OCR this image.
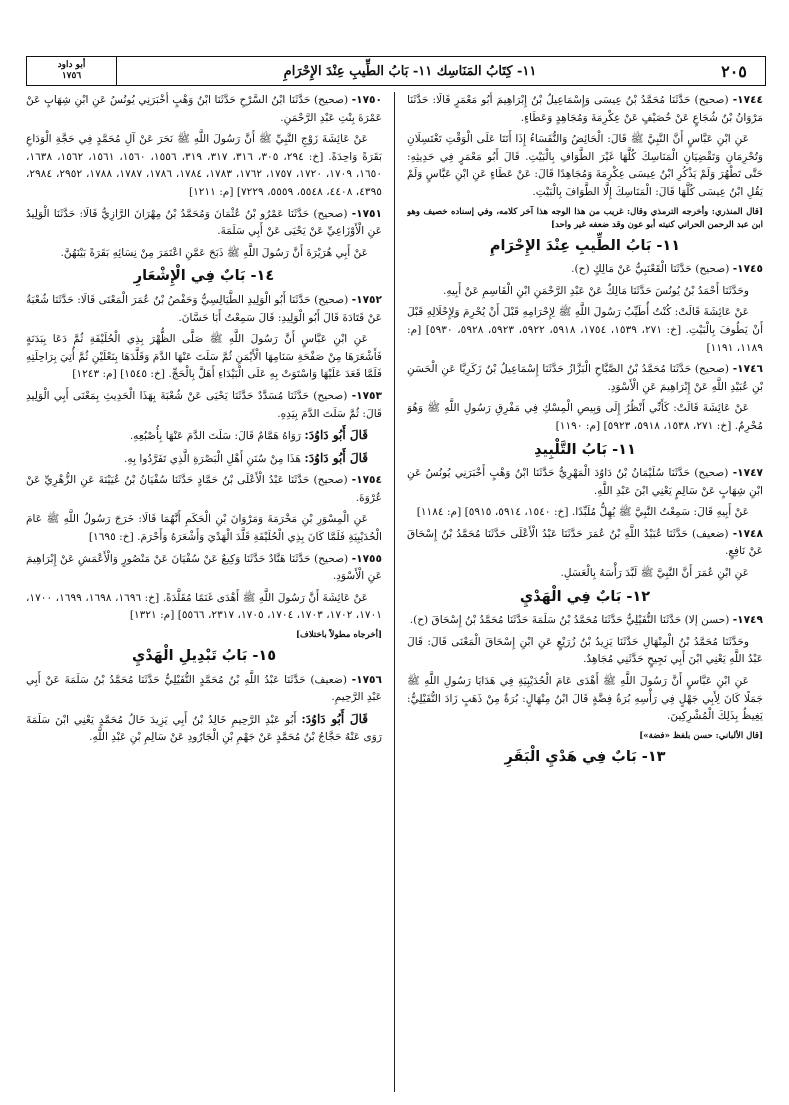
٢٠٥
١١- كِتَابُ المَنَاسِك ١١- بَابُ الطِّيبِ عِنْدَ الإِحْرَامِ
أبو داود
١٧٥٦
١٧٤٤- (صحيح) حَدَّثَنَا مُحَمَّدُ بْنُ عِيسَى وَإِسْمَاعِيلُ بْنُ إِبْرَاهِيمَ أَبُو مَعْمَرٍ قَالَا: حَدَّثَنَا مَرْوَانُ بْنُ شُجَاعٍ عَنْ خُصَيْفٍ عَنْ عِكْرِمَةَ وَمُجَاهِدٍ وَعَطَاءٍ.
عَنِ ابْنِ عَبَّاسٍ أَنَّ النَّبِيَّ ﷺ قَالَ: الْحَائِضُ وَالنُّفَسَاءُ إِذَا أَتَتَا عَلَى الْوَقْتِ تَغْتَسِلَانِ وَتُحْرِمَانِ وَتَقْضِيَانِ الْمَنَاسِكَ كُلَّهَا غَيْرَ الطَّوَافِ بِالْبَيْتِ. قَالَ أَبُو مَعْمَرٍ فِي حَدِيثِهِ: حَتَّى تَطْهُرَ وَلَمْ يَذْكُرِ ابْنُ عِيسَى عِكْرِمَةَ وَمُجَاهِدًا قَالَ: عَنْ عَطَاءٍ عَنِ ابْنِ عَبَّاسٍ وَلَمْ يَقُلِ ابْنُ عِيسَى كُلَّهَا قَالَ: الْمَنَاسِكَ إِلَّا الطَّوَافَ بِالْبَيْتِ.
[قال المنذري: وأخرجه الترمذي وقال: غريب من هذا الوجه هذا آخر كلامه، وفي إسناده خصيف وهو ابن عبد الرحمن الحراني كنيته أبو عون وقد ضعفه غير واحد]
١١- بَابُ الطِّيبِ عِنْدَ الإِحْرَامِ
١٧٤٥- (صحيح) حَدَّثَنَا الْقَعْنَبِيُّ عَنْ مَالِكٍ (ح).
وحَدَّثَنَا أَحْمَدُ بْنُ يُونُسَ حَدَّثَنَا مَالِكٌ عَنْ عَبْدِ الرَّحْمَنِ ابْنِ الْقَاسِمِ عَنْ أَبِيهِ.
عَنْ عَائِشَةَ قَالَتْ: كُنْتُ أُطَيِّبُ رَسُولَ اللَّهِ ﷺ لِإِحْرَامِهِ قَبْلَ أَنْ يُحْرِمَ وَلِإِحْلَالِهِ قَبْلَ أَنْ يَطُوفَ بِالْبَيْتِ. [خ: ٢٧١، ١٥٣٩، ١٧٥٤، ٥٩١٨، ٥٩٢٢، ٥٩٢٣، ٥٩٢٨، ٥٩٣٠] [م: ١١٨٩، ١١٩١]
١٧٤٦- (صحيح) حَدَّثَنَا مُحَمَّدُ بْنُ الصَّبَّاحِ الْبَزَّازُ حَدَّثَنَا إِسْمَاعِيلُ بْنُ زَكَرِيَّا عَنِ الْحَسَنِ بْنِ عُبَيْدِ اللَّهِ عَنْ إِبْرَاهِيمَ عَنِ الْأَسْوَدِ.
عَنْ عَائِشَةَ قَالَتْ: كَأَنِّي أَنْظُرُ إِلَى وَبِيصِ الْمِسْكِ فِي مَفْرِقِ رَسُولِ اللَّهِ ﷺ وَهُوَ مُحْرِمٌ. [خ: ٢٧١، ١٥٣٨، ٥٩١٨، ٥٩٢٣] [م: ١١٩٠]
١١- بَابُ التَّلْبِيدِ
١٧٤٧- (صحيح) حَدَّثَنَا سُلَيْمَانُ بْنُ دَاوُدَ الْمَهْرِيُّ حَدَّثَنَا ابْنُ وَهْبٍ أَخْبَرَنِي يُونُسُ عَنِ ابْنِ شِهَابٍ عَنْ سَالِمٍ يَعْنِي ابْنَ عَبْدِ اللَّهِ.
عَنْ أَبِيهِ قَالَ: سَمِعْتُ النَّبِيَّ ﷺ يُهِلُّ مُلَبِّدًا. [خ: ١٥٤٠، ٥٩١٤، ٥٩١٥] [م: ١١٨٤]
١٧٤٨- (ضعيف) حَدَّثَنَا عُبَيْدُ اللَّهِ بْنُ عُمَرَ حَدَّثَنَا عَبْدُ الْأَعْلَى حَدَّثَنَا مُحَمَّدُ بْنُ إِسْحَاقَ عَنْ نَافِعٍ.
عَنِ ابْنِ عُمَرَ أَنَّ النَّبِيَّ ﷺ لَبَّدَ رَأْسَهُ بِالْعَسَلِ.
١٢- بَابٌ فِي الْهَدْيِ
١٧٤٩- (حسن إلا) حَدَّثَنَا النُّفَيْلِيُّ حَدَّثَنَا مُحَمَّدُ بْنُ سَلَمَةَ حَدَّثَنَا مُحَمَّدُ بْنُ إِسْحَاقَ (ح).
وحَدَّثَنَا مُحَمَّدُ بْنُ الْمِنْهَالِ حَدَّثَنَا يَزِيدُ بْنُ زُرَيْعٍ عَنِ ابْنِ إِسْحَاقَ الْمَعْنَى قَالَ: قَالَ عَبْدُ اللَّهِ يَعْنِي ابْنَ أَبِي نَجِيحٍ حَدَّثَنِي مُجَاهِدٌ.
عَنِ ابْنِ عَبَّاسٍ أَنَّ رَسُولَ اللَّهِ ﷺ أَهْدَى عَامَ الْحُدَيْبِيَةِ فِي هَدَايَا رَسُولِ اللَّهِ ﷺ جَمَلًا كَانَ لِأَبِي جَهْلٍ فِي رَأْسِهِ بُرَةُ فِضَّةٍ قَالَ ابْنُ مِنْهَالٍ: بُرَةٌ مِنْ ذَهَبٍ زَادَ النُّفَيْلِيُّ: يَغِيظُ بِذَلِكَ الْمُشْرِكِينَ.
[قال الألباني: حسن بلفظ «فضة»]
١٣- بَابٌ فِي هَدْيِ الْبَقَرِ
١٧٥٠- (صحيح) حَدَّثَنَا ابْنُ السَّرْحِ حَدَّثَنَا ابْنُ وَهْبٍ أَخْبَرَنِي يُونُسُ عَنِ ابْنِ شِهَابٍ عَنْ عَمْرَةَ بِنْتِ عَبْدِ الرَّحْمَنِ.
عَنْ عَائِشَةَ زَوْجِ النَّبِيِّ ﷺ أَنَّ رَسُولَ اللَّهِ ﷺ نَحَرَ عَنْ آلِ مُحَمَّدٍ فِي حَجَّةِ الْوَدَاعِ بَقَرَةً وَاحِدَةً. [خ: ٢٩٤، ٣٠٥، ٣١٦، ٣١٧، ٣١٩، ١٥٥٦، ١٥٦٠، ١٥٦١، ١٥٦٢، ١٦٣٨، ١٦٥٠، ١٧٠٩، ١٧٢٠، ١٧٥٧، ١٧٦٢، ١٧٨٣، ١٧٨٤، ١٧٨٦، ١٧٨٧، ١٧٨٨، ٢٩٥٢، ٢٩٨٤، ٤٣٩٥، ٤٤٠٨، ٥٥٤٨، ٥٥٥٩، ٧٢٢٩] [م: ١٢١١]
١٧٥١- (صحيح) حَدَّثَنَا عَمْرُو بْنُ عُثْمَانَ وَمُحَمَّدُ بْنُ مِهْرَانَ الرَّازِيُّ قَالَا: حَدَّثَنَا الْوَلِيدُ عَنِ الْأَوْزَاعِيِّ عَنْ يَحْيَى عَنْ أَبِي سَلَمَةَ.
عَنْ أَبِي هُرَيْرَةَ أَنَّ رَسُولَ اللَّهِ ﷺ ذَبَحَ عَمَّنِ اعْتَمَرَ مِنْ نِسَائِهِ بَقَرَةً بَيْنَهُنَّ.
١٤- بَابٌ فِي الْإِشْعَارِ
١٧٥٢- (صحيح) حَدَّثَنَا أَبُو الْوَلِيدِ الطَّيَالِسِيُّ وَحَفْصُ بْنُ عُمَرَ الْمَعْنَى قَالَا: حَدَّثَنَا شُعْبَةُ عَنْ قَتَادَةَ قَالَ أَبُو الْوَلِيدِ: قَالَ سَمِعْتُ أَبَا حَسَّانَ.
عَنِ ابْنِ عَبَّاسٍ أَنَّ رَسُولَ اللَّهِ ﷺ صَلَّى الظُّهْرَ بِذِي الْحُلَيْفَةِ ثُمَّ دَعَا بِبَدَنَةٍ فَأَشْعَرَهَا مِنْ صَفْحَةِ سَنَامِهَا الْأَيْمَنِ ثُمَّ سَلَتَ عَنْهَا الدَّمَ وَقَلَّدَهَا بِنَعْلَيْنِ ثُمَّ أُتِيَ بِرَاحِلَتِهِ فَلَمَّا قَعَدَ عَلَيْهَا وَاسْتَوَتْ بِهِ عَلَى الْبَيْدَاءِ أَهَلَّ بِالْحَجِّ. [خ: ١٥٤٥] [م: ١٢٤٣]
١٧٥٣- (صحيح) حَدَّثَنَا مُسَدَّدٌ حَدَّثَنَا يَحْيَى عَنْ شُعْبَةَ بِهَذَا الْحَدِيثِ بِمَعْنَى أَبِي الْوَلِيدِ قَالَ: ثُمَّ سَلَتَ الدَّمَ بِيَدِهِ.
قَالَ أَبُو دَاوُدَ: رَوَاهُ هَمَّامٌ قَالَ: سَلَتَ الدَّمَ عَنْهَا بِأُصْبُعِهِ.
قَالَ أَبُو دَاوُدَ: هَذَا مِنْ سُنَنِ أَهْلِ الْبَصْرَةِ الَّذِي تَفَرَّدُوا بِهِ.
١٧٥٤- (صحيح) حَدَّثَنَا عَبْدُ الْأَعْلَى بْنُ حَمَّادٍ حَدَّثَنَا سُفْيَانُ بْنُ عُيَيْنَةَ عَنِ الزُّهْرِيِّ عَنْ عُرْوَةَ.
عَنِ الْمِسْوَرِ بْنِ مَخْرَمَةَ وَمَرْوَانَ بْنِ الْحَكَمِ أَنَّهُمَا قَالَا: خَرَجَ رَسُولُ اللَّهِ ﷺ عَامَ الْحُدَيْبِيَةِ فَلَمَّا كَانَ بِذِي الْحُلَيْفَةِ قَلَّدَ الْهَدْيَ وَأَشْعَرَهُ وَأَحْرَمَ. [خ: ١٦٩٥]
١٧٥٥- (صحيح) حَدَّثَنَا هَنَّادٌ حَدَّثَنَا وَكِيعٌ عَنْ سُفْيَانَ عَنْ مَنْصُورٍ وَالْأَعْمَشِ عَنْ إِبْرَاهِيمَ عَنِ الْأَسْوَدِ.
عَنْ عَائِشَةَ أَنَّ رَسُولَ اللَّهِ ﷺ أَهْدَى غَنَمًا مُقَلَّدَةً. [خ: ١٦٩٦، ١٦٩٨، ١٦٩٩، ١٧٠٠، ١٧٠١، ١٧٠٢، ١٧٠٣، ١٧٠٤، ١٧٠٥، ٢٣١٧، ٥٥٦٦] [م: ١٣٢١]
[أخرجاه مطولاً باختلاف]
١٥- بَابُ تَبْدِيلِ الْهَدْيِ
١٧٥٦- (ضعيف) حَدَّثَنَا عَبْدُ اللَّهِ بْنُ مُحَمَّدٍ النُّفَيْلِيُّ حَدَّثَنَا مُحَمَّدُ بْنُ سَلَمَةَ عَنْ أَبِي عَبْدِ الرَّحِيمِ.
قَالَ أَبُو دَاوُدَ: أَبُو عَبْدِ الرَّحِيمِ خَالِدُ بْنُ أَبِي يَزِيدَ خَالُ مُحَمَّدٍ يَعْنِي ابْنَ سَلَمَةَ رَوَى عَنْهُ حَجَّاجُ بْنُ مُحَمَّدٍ عَنْ جَهْمِ بْنِ الْجَارُودِ عَنْ سَالِمِ بْنِ عَبْدِ اللَّهِ.
